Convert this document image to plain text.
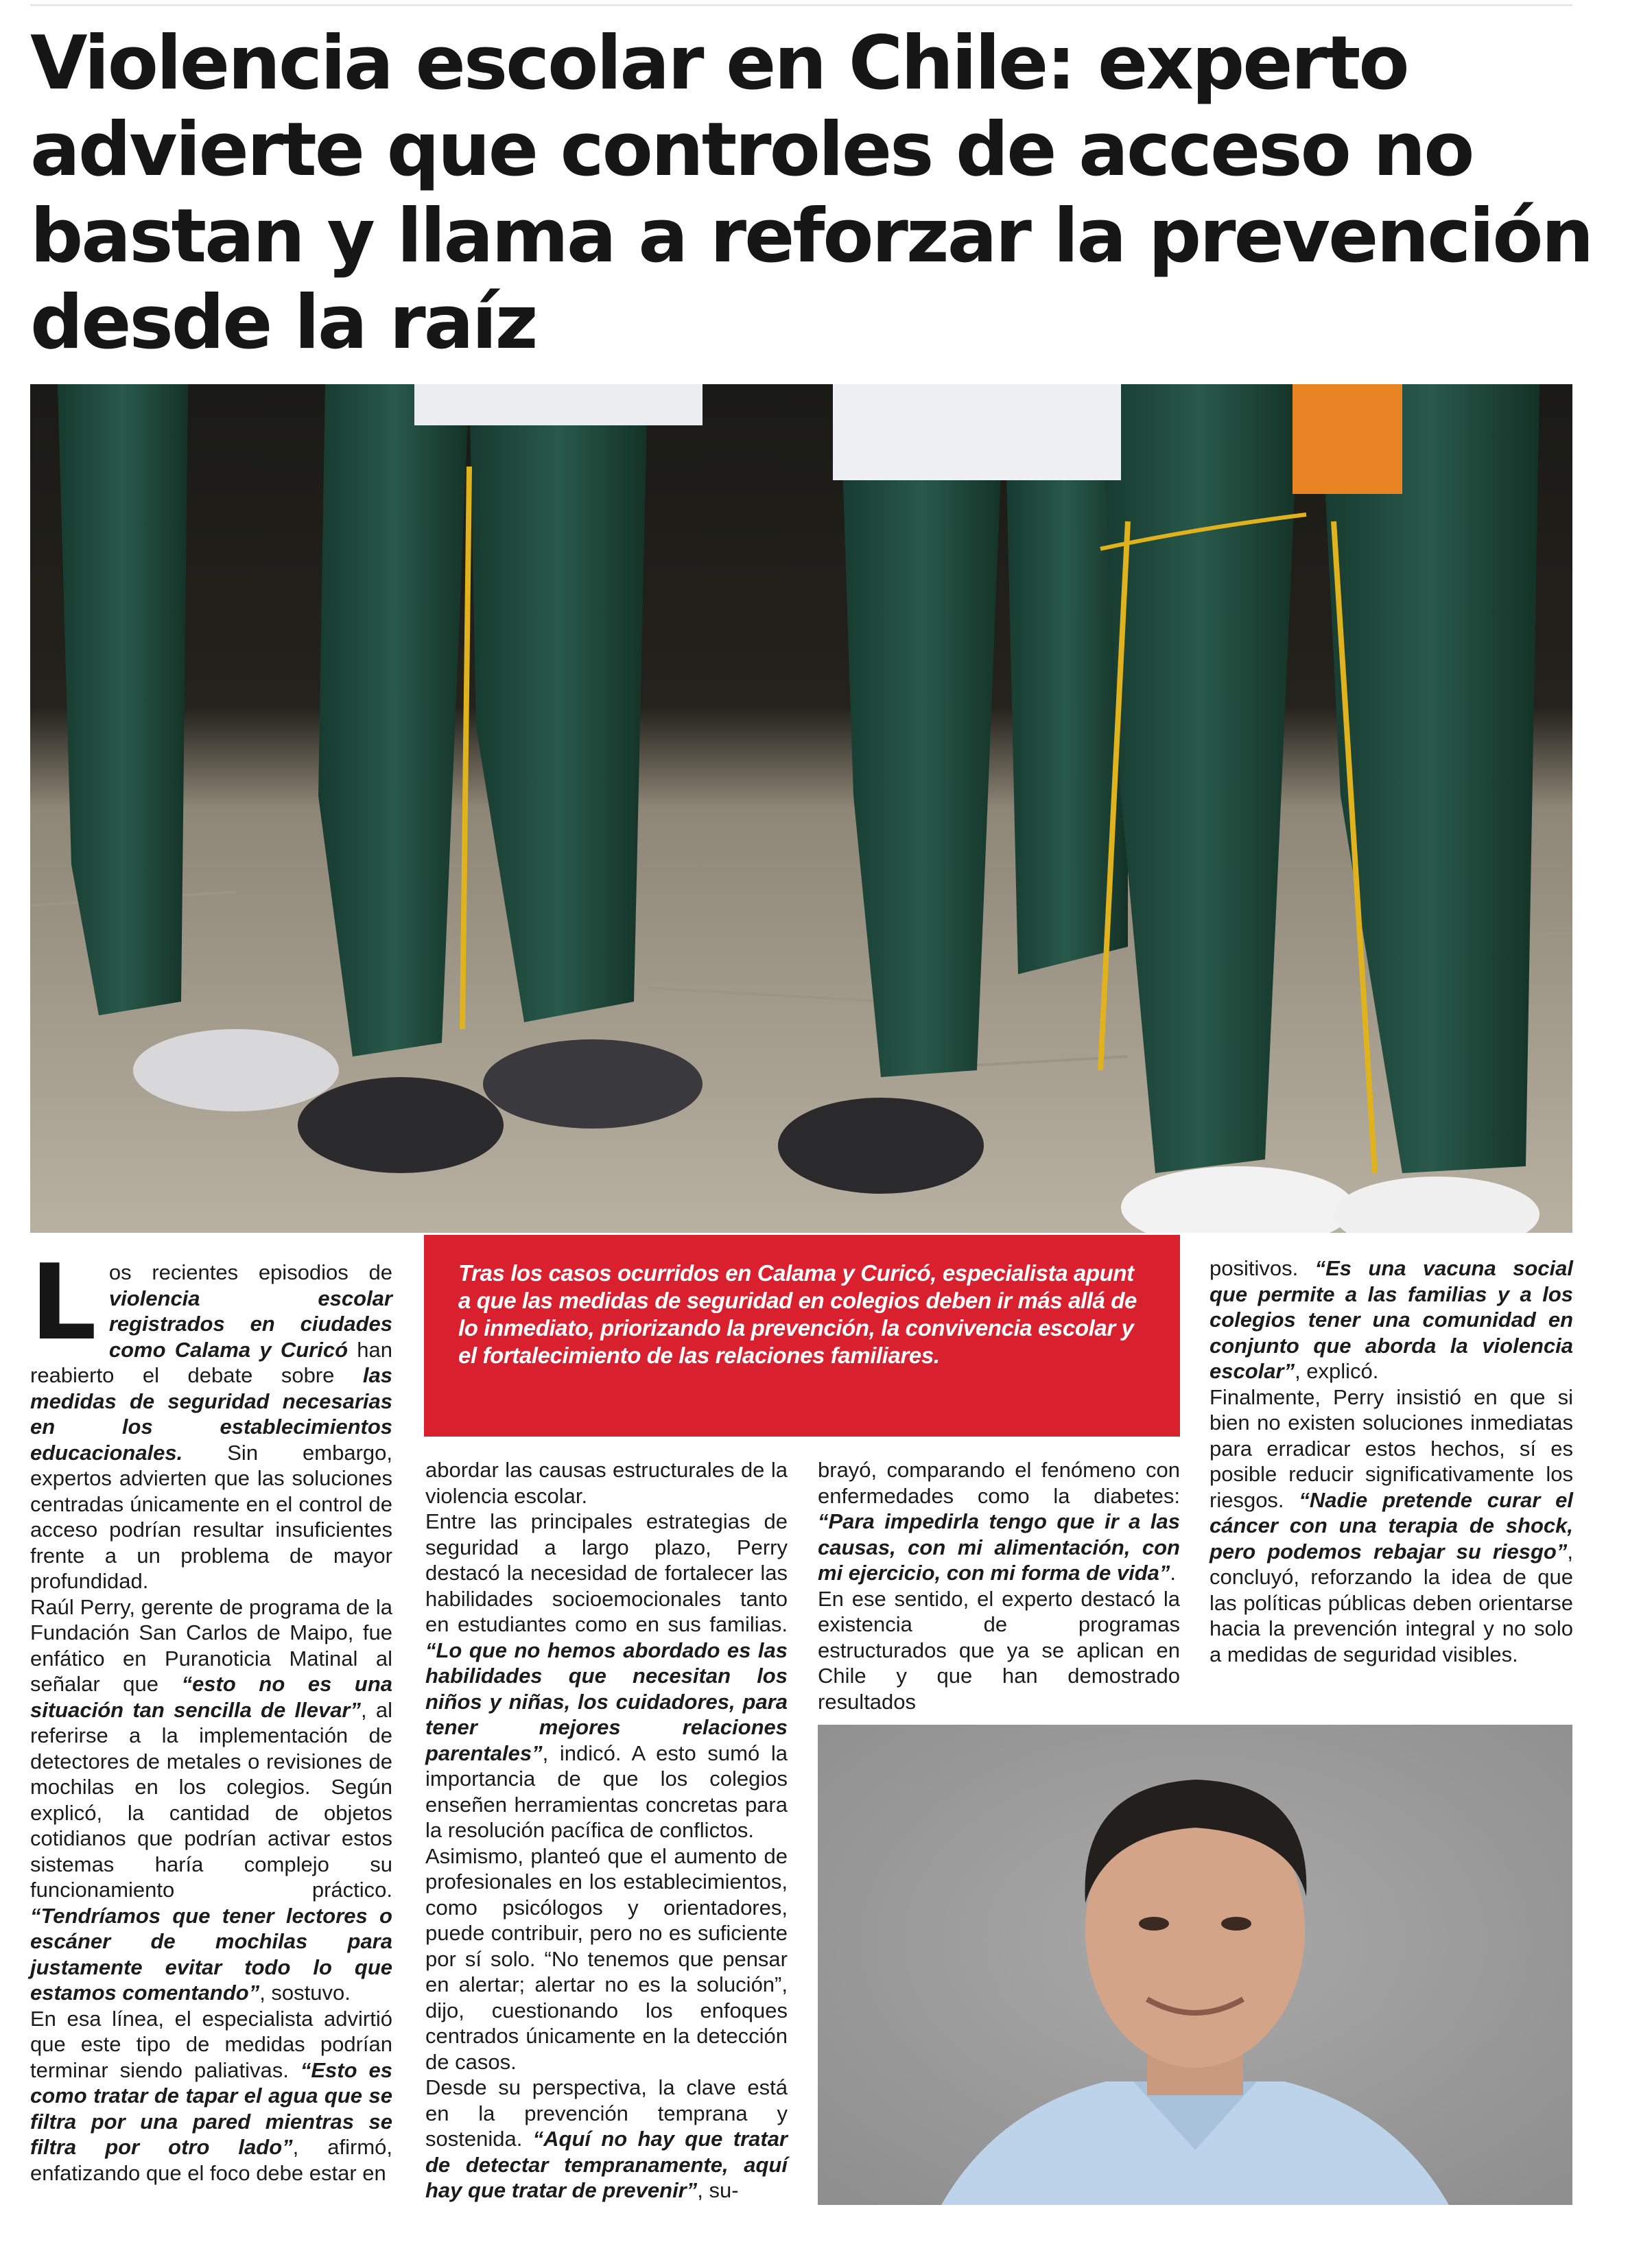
Violencia escolar en Chile: experto
advierte que controles de acceso no
bastan y llama a reforzar la prevención
desde la raíz
L os recientes episodios de violencia escolar registrados en ciudades como Calama y Curicó han reabierto el debate sobre las medidas de seguridad necesarias en los establecimientos educacionales. Sin embargo, expertos advierten que las soluciones centradas únicamente en el control de acceso podrían resultar insuficientes frente a un problema de mayor profundidad.
Raúl Perry, gerente de programa de la Fundación San Carlos de Maipo, fue enfático en Puranoticia Matinal al señalar que “esto no es una situación tan sencilla de llevar”, al referirse a la implementación de detectores de metales o revisiones de mochilas en los colegios. Según explicó, la cantidad de objetos cotidianos que podrían activar estos sistemas haría complejo su funcionamiento práctico. “Tendríamos que tener lectores o escáner de mochilas para justamente evitar todo lo que estamos comentando”, sostuvo.
En esa línea, el especialista advirtió que este tipo de medidas podrían terminar siendo paliativas. “Esto es como tratar de tapar el agua que se filtra por una pared mientras se filtra por otro lado”, afirmó, enfatizando que el foco debe estar en

Tras los casos ocurridos en Calama y Curicó, especialista apunt a que las medidas de seguridad en colegios deben ir más allá de lo inmediato, priorizando la prevención, la convivencia escolar y el fortalecimiento de las relaciones familiares.

abordar las causas estructurales de la violencia escolar.
Entre las principales estrategias de seguridad a largo plazo, Perry destacó la necesidad de fortalecer las habilidades socioemocionales tanto en estudiantes como en sus familias. “Lo que no hemos abordado es las habilidades que necesitan los niños y niñas, los cuidadores, para tener mejores relaciones parentales”, indicó. A esto sumó la importancia de que los colegios enseñen herramientas concretas para la resolución pacífica de conflictos.
Asimismo, planteó que el aumento de profesionales en los establecimientos, como psicólogos y orientadores, puede contribuir, pero no es suficiente por sí solo. “No tenemos que pensar en alertar; alertar no es la solución”, dijo, cuestionando los enfoques centrados únicamente en la detección de casos.
Desde su perspectiva, la clave está en la prevención temprana y sostenida. “Aquí no hay que tratar de detectar tempranamente, aquí hay que tratar de prevenir”, su-

brayó, comparando el fenómeno con enfermedades como la diabetes: “Para impedirla tengo que ir a las causas, con mi alimentación, con mi ejercicio, con mi forma de vida”.
En ese sentido, el experto destacó la existencia de programas estructurados que ya se aplican en Chile y que han demostrado resultados

positivos. “Es una vacuna social que permite a las familias y a los colegios tener una comunidad en conjunto que aborda la violencia escolar”, explicó.
Finalmente, Perry insistió en que si bien no existen soluciones inmediatas para erradicar estos hechos, sí es posible reducir significativamente los riesgos. “Nadie pretende curar el cáncer con una terapia de shock, pero podemos rebajar su riesgo”, concluyó, reforzando la idea de que las políticas públicas deben orientarse hacia la prevención integral y no solo a medidas de seguridad visibles.
